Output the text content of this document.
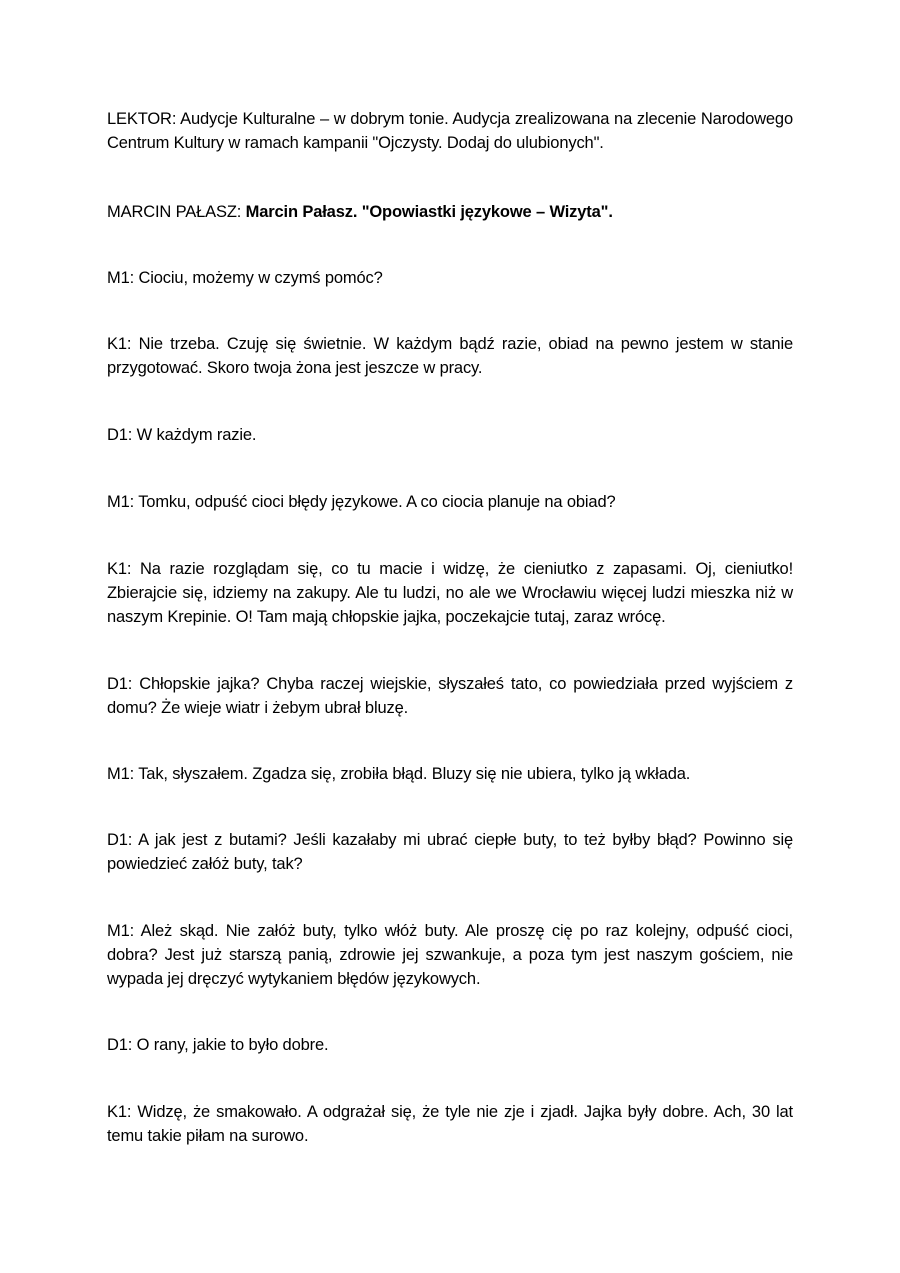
LEKTOR: Audycje Kulturalne – w dobrym tonie. Audycja zrealizowana na zlecenie Narodowego Centrum Kultury w ramach kampanii "Ojczysty. Dodaj do ulubionych".

MARCIN PAŁASZ: Marcin Pałasz. "Opowiastki językowe – Wizyta".

M1: Ciociu, możemy w czymś pomóc?

K1: Nie trzeba. Czuję się świetnie. W każdym bądź razie, obiad na pewno jestem w stanie przygotować. Skoro twoja żona jest jeszcze w pracy.

D1: W każdym razie.

M1: Tomku, odpuść cioci błędy językowe. A co ciocia planuje na obiad?

K1: Na razie rozglądam się, co tu macie i widzę, że cieniutko z zapasami. Oj, cieniutko! Zbierajcie się, idziemy na zakupy. Ale tu ludzi, no ale we Wrocławiu więcej ludzi mieszka niż w naszym Krepinie. O! Tam mają chłopskie jajka, poczekajcie tutaj, zaraz wrócę.

D1: Chłopskie jajka? Chyba raczej wiejskie, słyszałeś tato, co powiedziała przed wyjściem z domu? Że wieje wiatr i żebym ubrał bluzę.

M1: Tak, słyszałem. Zgadza się, zrobiła błąd. Bluzy się nie ubiera, tylko ją wkłada.

D1: A jak jest z butami? Jeśli kazałaby mi ubrać ciepłe buty, to też byłby błąd? Powinno się powiedzieć załóż buty, tak?

M1: Ależ skąd. Nie załóż buty, tylko włóż buty. Ale proszę cię po raz kolejny, odpuść cioci, dobra? Jest już starszą panią, zdrowie jej szwankuje, a poza tym jest naszym gościem, nie wypada jej dręczyć wytykaniem błędów językowych.

D1: O rany, jakie to było dobre.

K1: Widzę, że smakowało. A odgrażał się, że tyle nie zje i zjadł. Jajka były dobre. Ach, 30 lat temu takie piłam na surowo.
